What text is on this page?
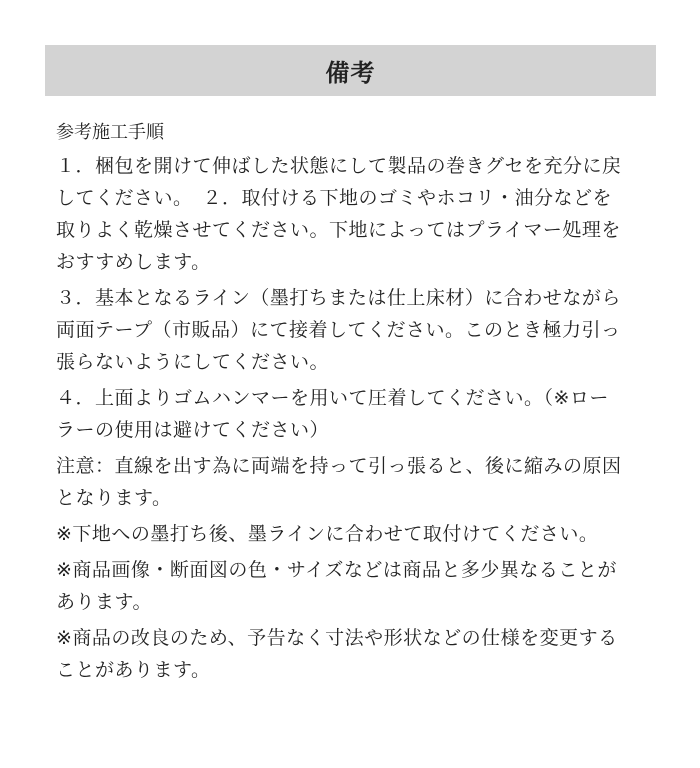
備考
参考施工手順
１．梱包を開けて伸ばした状態にして製品の巻きグセを充分に戻
してください。　２．取付ける下地のゴミやホコリ・油分などを
取りよく乾燥させてください。下地によってはプライマー処理を
おすすめします。
３．基本となるライン（墨打ちまたは仕上床材）に合わせながら
両面テープ（市販品）にて接着してください。このとき極力引っ
張らないようにしてください。
４．上面よりゴムハンマーを用いて圧着してください。（※ロー
ラーの使用は避けてください）
注意：直線を出す為に両端を持って引っ張ると、後に縮みの原因
となります。
※下地への墨打ち後、墨ラインに合わせて取付けてください。
※商品画像・断面図の色・サイズなどは商品と多少異なることが
あります。
※商品の改良のため、予告なく寸法や形状などの仕様を変更する
ことがあります。
